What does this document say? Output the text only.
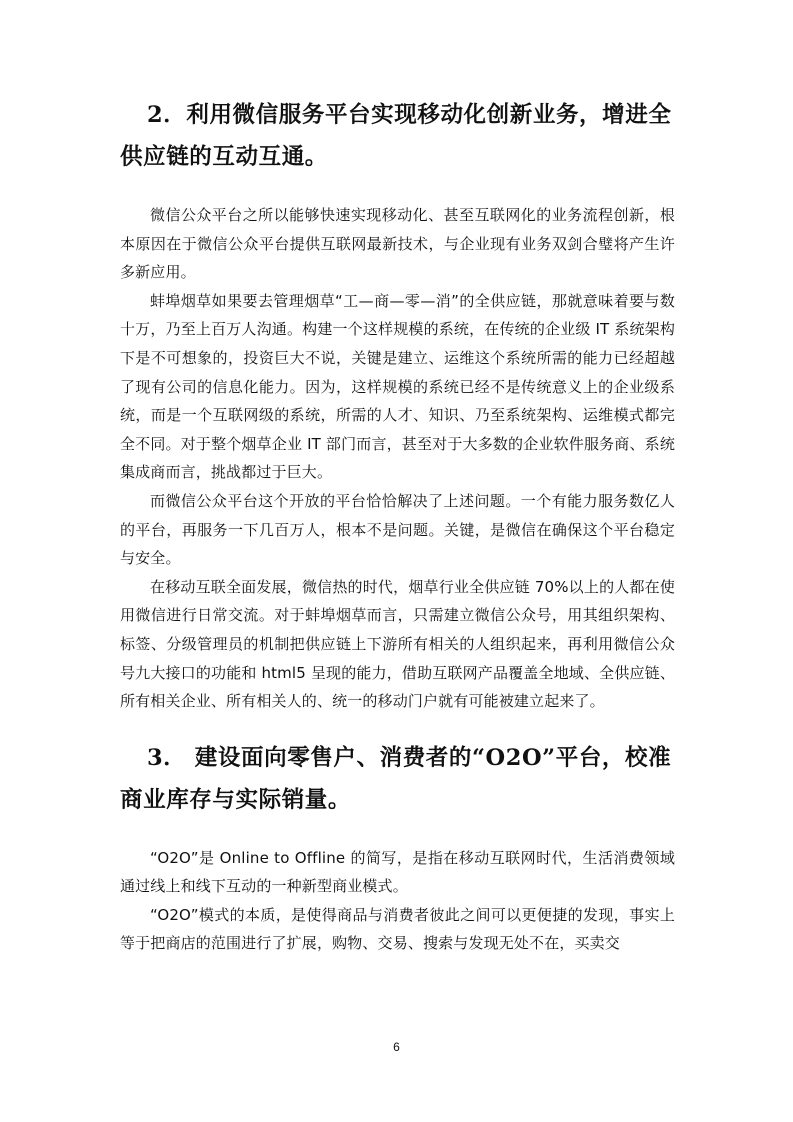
2．利用微信服务平台实现移动化创新业务，增进全供应链的互动互通。

微信公众平台之所以能够快速实现移动化、甚至互联网化的业务流程创新，根本原因在于微信公众平台提供互联网最新技术，与企业现有业务双剑合璧将产生许多新应用。

蚌埠烟草如果要去管理烟草“工—商—零—消”的全供应链，那就意味着要与数十万，乃至上百万人沟通。构建一个这样规模的系统，在传统的企业级 IT 系统架构下是不可想象的，投资巨大不说，关键是建立、运维这个系统所需的能力已经超越了现有公司的信息化能力。因为，这样规模的系统已经不是传统意义上的企业级系统，而是一个互联网级的系统，所需的人才、知识、乃至系统架构、运维模式都完全不同。对于整个烟草企业 IT 部门而言，甚至对于大多数的企业软件服务商、系统集成商而言，挑战都过于巨大。

而微信公众平台这个开放的平台恰恰解决了上述问题。一个有能力服务数亿人的平台，再服务一下几百万人，根本不是问题。关键，是微信在确保这个平台稳定与安全。

在移动互联全面发展，微信热的时代，烟草行业全供应链 70%以上的人都在使用微信进行日常交流。对于蚌埠烟草而言，只需建立微信公众号，用其组织架构、标签、分级管理员的机制把供应链上下游所有相关的人组织起来，再利用微信公众号九大接口的功能和 html5 呈现的能力，借助互联网产品覆盖全地域、全供应链、所有相关企业、所有相关人的、统一的移动门户就有可能被建立起来了。

3． 建设面向零售户、消费者的“O2O”平台，校准商业库存与实际销量。

“O2O”是 Online to Offline 的简写，是指在移动互联网时代，生活消费领域通过线上和线下互动的一种新型商业模式。

“O2O”模式的本质，是使得商品与消费者彼此之间可以更便捷的发现，事实上等于把商店的范围进行了扩展，购物、交易、搜索与发现无处不在，买卖交

6
